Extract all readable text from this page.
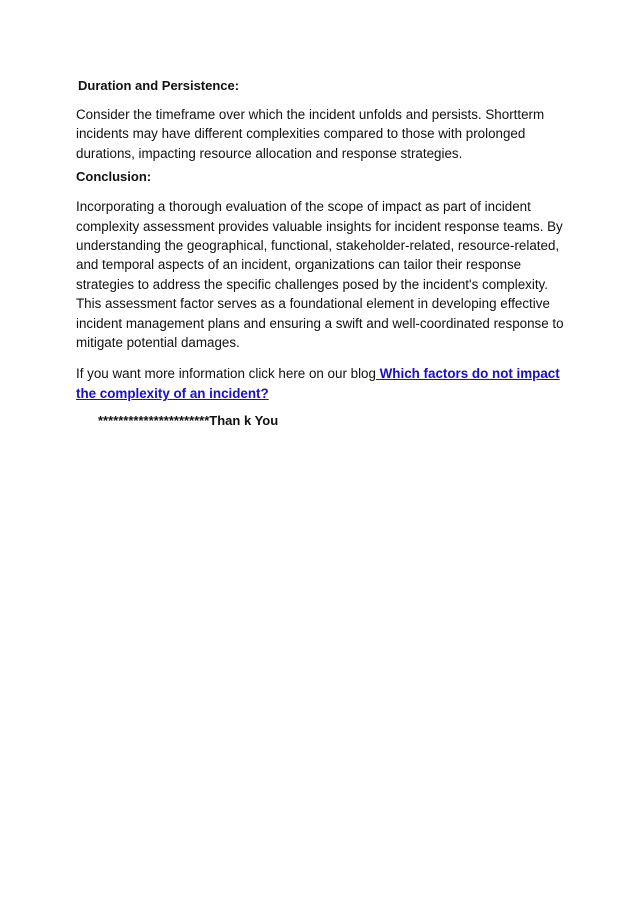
Duration and Persistence:

Consider the timeframe over which the incident unfolds and persists. Shortterm incidents may have different complexities compared to those with prolonged durations, impacting resource allocation and response strategies.

Conclusion:

Incorporating a thorough evaluation of the scope of impact as part of incident complexity assessment provides valuable insights for incident response teams. By understanding the geographical, functional, stakeholder-related, resource-related, and temporal aspects of an incident, organizations can tailor their response strategies to address the specific challenges posed by the incident's complexity. This assessment factor serves as a foundational element in developing effective incident management plans and ensuring a swift and well-coordinated response to mitigate potential damages.

If you want more information click here on our blog Which factors do not impact the complexity of an incident?

**********************Than k You
